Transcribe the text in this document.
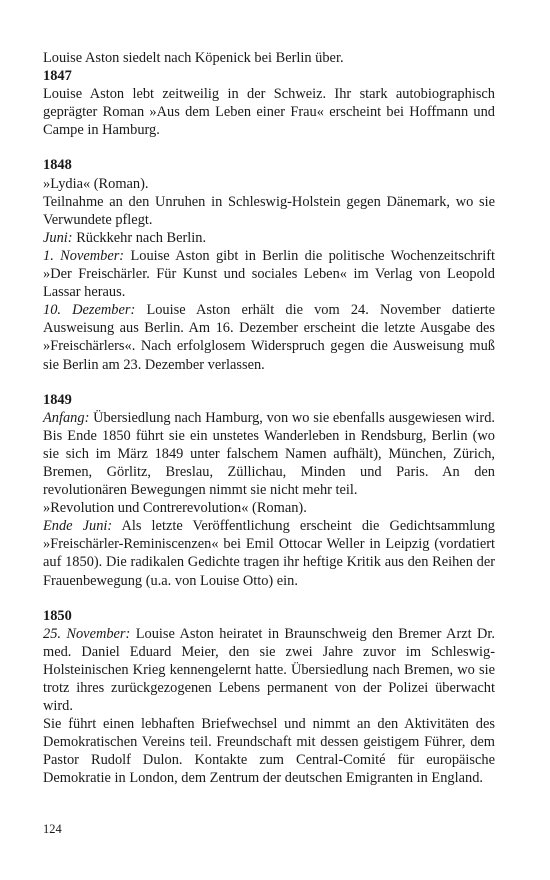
Louise Aston siedelt nach Köpenick bei Berlin über.

1847

Louise Aston lebt zeitweilig in der Schweiz. Ihr stark autobiographisch geprägter Roman »Aus dem Leben einer Frau« erscheint bei Hoffmann und Campe in Hamburg.

1848

»Lydia« (Roman).

Teilnahme an den Unruhen in Schleswig-Holstein gegen Dänemark, wo sie Verwundete pflegt.

Juni: Rückkehr nach Berlin.

1. November: Louise Aston gibt in Berlin die politische Wochenzeitschrift »Der Freischärler. Für Kunst und sociales Leben« im Verlag von Leopold Lassar heraus.

10. Dezember: Louise Aston erhält die vom 24. November datierte Ausweisung aus Berlin. Am 16. Dezember erscheint die letzte Ausgabe des »Freischärlers«. Nach erfolglosem Widerspruch gegen die Ausweisung muß sie Berlin am 23. Dezember verlassen.

1849

Anfang: Übersiedlung nach Hamburg, von wo sie ebenfalls ausgewiesen wird. Bis Ende 1850 führt sie ein unstetes Wanderleben in Rendsburg, Berlin (wo sie sich im März 1849 unter falschem Namen aufhält), München, Zürich, Bremen, Görlitz, Breslau, Züllichau, Minden und Paris. An den revolutionären Bewegungen nimmt sie nicht mehr teil.

»Revolution und Contrerevolution« (Roman).

Ende Juni: Als letzte Veröffentlichung erscheint die Gedichtsammlung »Freischärler-Reminiscenzen« bei Emil Ottocar Weller in Leipzig (vordatiert auf 1850). Die radikalen Gedichte tragen ihr heftige Kritik aus den Reihen der Frauenbewegung (u.a. von Louise Otto) ein.

1850

25. November: Louise Aston heiratet in Braunschweig den Bremer Arzt Dr. med. Daniel Eduard Meier, den sie zwei Jahre zuvor im Schleswig-Holsteinischen Krieg kennengelernt hatte. Übersiedlung nach Bremen, wo sie trotz ihres zurückgezogenen Lebens permanent von der Polizei überwacht wird.

Sie führt einen lebhaften Briefwechsel und nimmt an den Aktivitäten des Demokratischen Vereins teil. Freundschaft mit dessen geistigem Führer, dem Pastor Rudolf Dulon. Kontakte zum Central-Comité für europäische Demokratie in London, dem Zentrum der deutschen Emigranten in England.

124
